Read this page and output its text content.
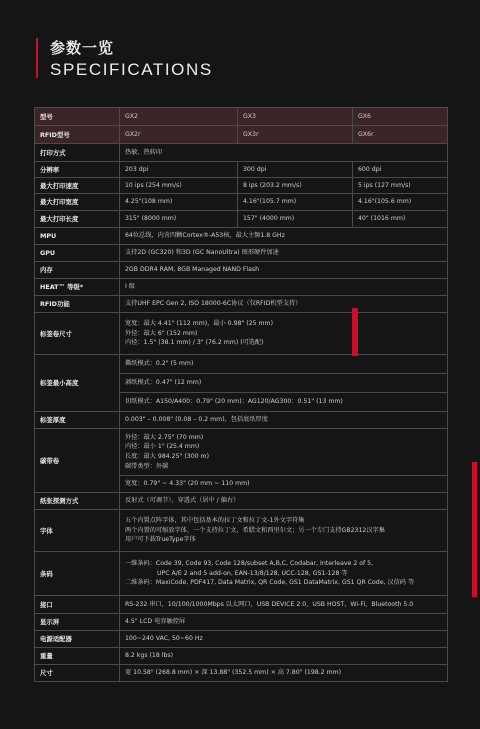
参数一览
SPECIFICATIONS
型号	GX2	GX3	GX6
RFID型号	GX2r	GX3r	GX6r
打印方式	热敏、热转印		
分辨率	203 dpi	300 dpi	600 dpi
最大打印速度	10 ips (254 mm/s)	8 ips (203.2 mm/s)	5 ips (127 mm/s)
最大打印宽度	4.25"(108 mm)	4.16"(105.7 mm)	4.16"(105.6 mm)
最大打印长度	315" (8000 mm)	157" (4000 mm)	40" (1016 mm)
MPU	64位总线，内含四颗Cortex®-A53核，最大主频1.8 GHz		
GPU	支持2D (GC320) 和3D (GC NanoUltra) 图形硬件加速		
内存	2GB DDR4 RAM, 8GB Managed NAND Flash		
HEAT™ 等级*	I 级		
RFID功能	支持UHF EPC Gen 2, ISO 18000-6C协议（仅RFID机型支持）		
标签卷尺寸	宽度：最大 4.41" (112 mm)，最小 0.98" (25 mm)
外径：最大 6" (152 mm)
内径：1.5" (38.1 mm) / 3" (76.2 mm) (可选配)		

标签最小高度	撕纸模式：0.2" (5 mm)		
	剥纸模式：0.47" (12 mm)		
	切纸模式：A150/A400：0.79" (20 mm)；AG120/AG300：0.51" (13 mm)		
标签厚度	0.003" – 0.008" (0.08 – 0.2 mm)，包括底纸厚度		
碳带卷	外径：最大 2.75" (70 mm)
内径：最小 1" (25.4 mm)
长度：最大 984.25" (300 m)
碳带类型：外碳		

	宽度：0.79" ~ 4.33" (20 mm ~ 110 mm)		
纸张探测方式	反射式（可调节），穿透式（居中 / 偏右）		
字体	五个内置点阵字体，其中包括基本的拉丁文和拉丁文-1外文字符集
两个内置的可缩放字体，一个支持拉丁文、希腊文和西里尔文；另一个专门支持GB2312汉字集
用户可下载TrueType字体		

条码	一维条码：Code 39, Code 93, Code 128/subset A,B,C, Codabar, Interleave 2 of 5,
UPC A/E 2 and 5 add-on, EAN-13/8/128, UCC-128, GS1-128 等
二维条码：MaxiCode, PDF417, Data Matrix, QR Code, GS1 DataMatrix, GS1 QR Code, 汉信码 等		

接口	RS-232 串口，10/100/1000Mbps 以太网口，USB DEVICE 2.0，USB HOST，Wi-Fi，Bluetooth 5.0		
显示屏	4.5" LCD 电容触控屏		
电源适配器	100~240 VAC, 50~60 Hz		
重量	8.2 kgs (18 lbs)		
尺寸	宽 10.58" (268.8 mm) × 深 13.88" (352.5 mm) × 高 7.80" (198.2 mm)		
